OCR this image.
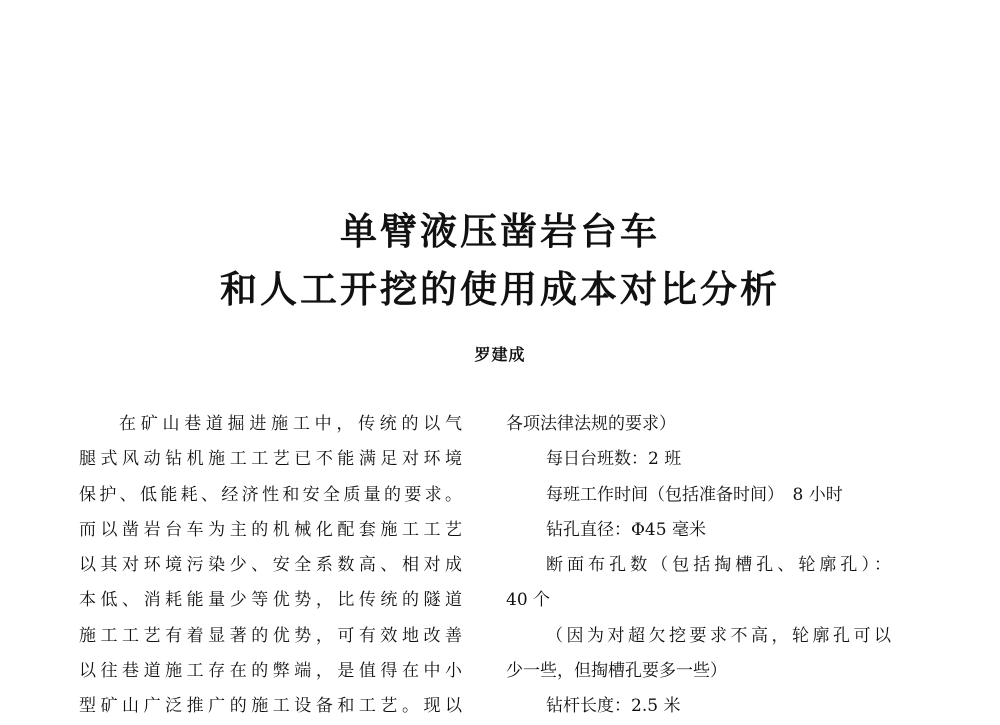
单臂液压凿岩台车
和人工开挖的使用成本对比分析
罗建成

在矿山巷道掘进施工中，传统的以气

腿式风动钻机施工工艺已不能满足对环境

保护、低能耗、经济性和安全质量的要求。

而以凿岩台车为主的机械化配套施工工艺

以其对环境污染少、安全系数高、相对成

本低、消耗能量少等优势，比传统的隧道

施工工艺有着显著的优势，可有效地改善

以往巷道施工存在的弊端，是值得在中小

型矿山广泛推广的施工设备和工艺。现以

各项法律法规的要求）

每日台班数：2 班

每班工作时间（包括准备时间）　8 小时

钻孔直径：Φ45 毫米

断面布孔数（包括掏槽孔、轮廓孔）：

40 个

（因为对超欠挖要求不高，轮廓孔可以

少一些，但掏槽孔要多一些）

钻杆长度：2.5 米
